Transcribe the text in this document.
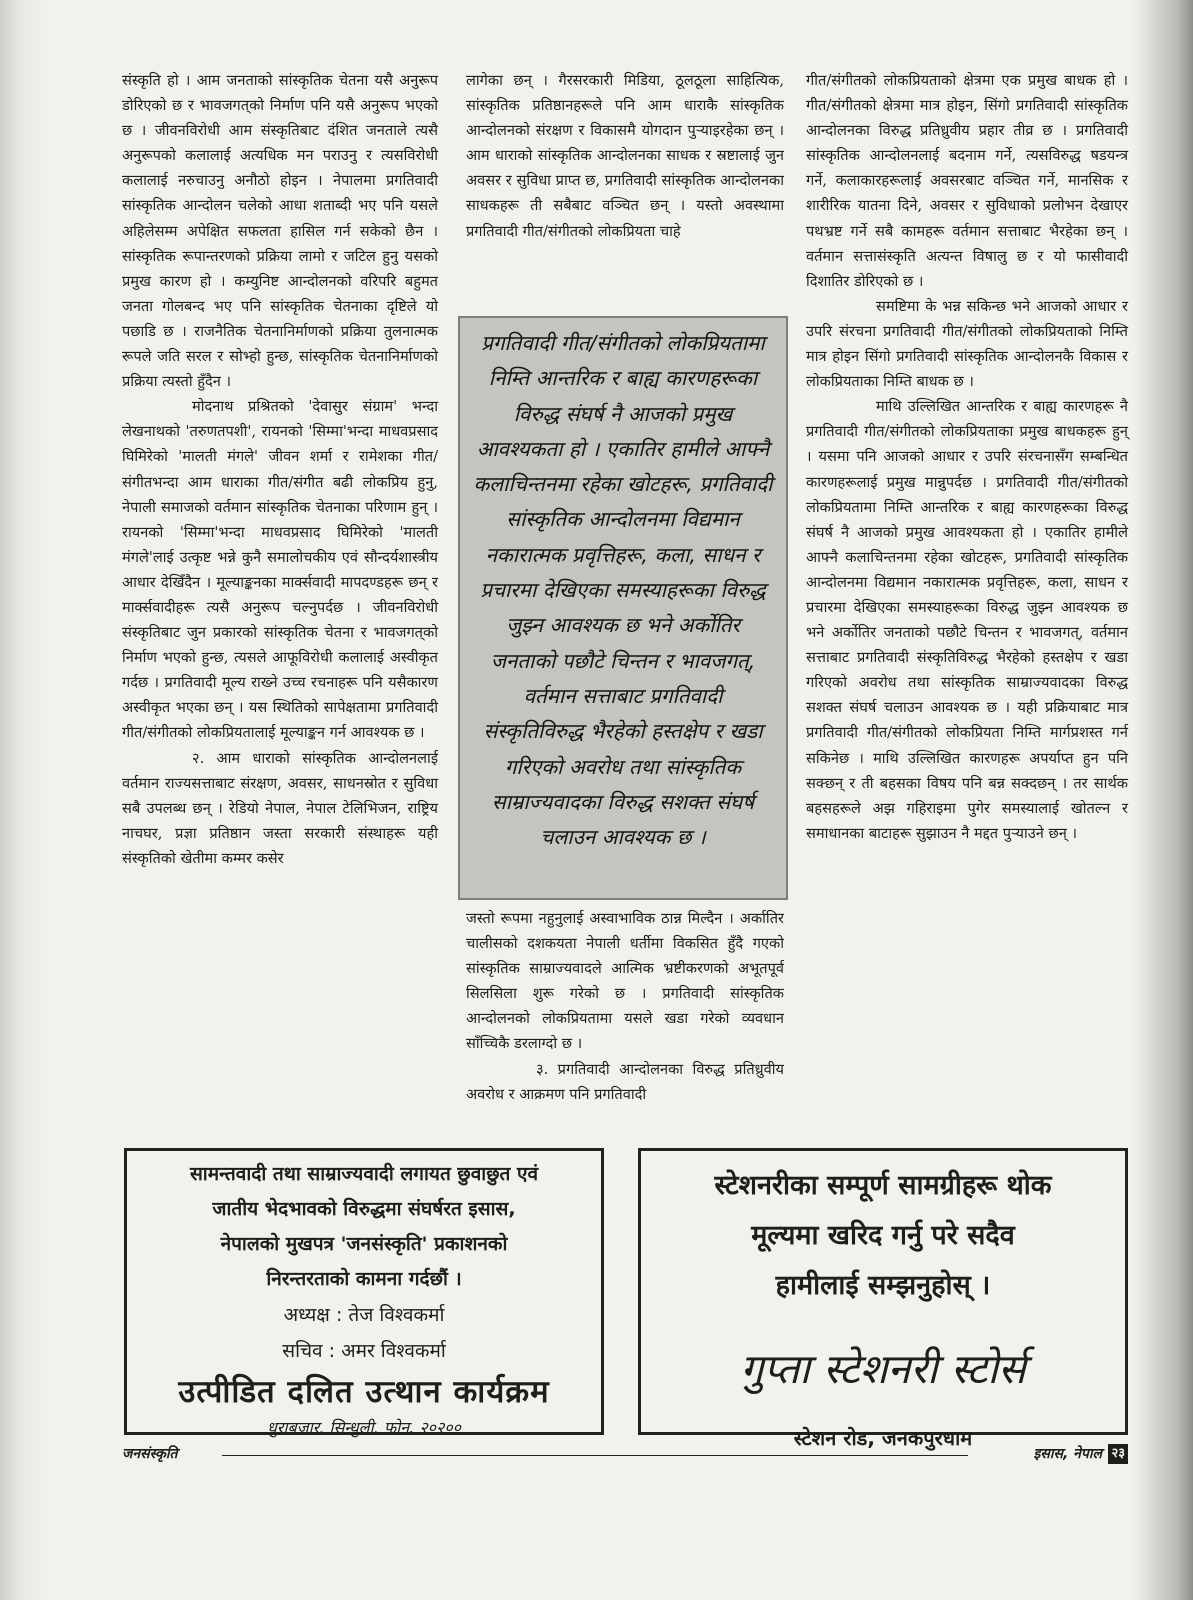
संस्कृति हो । आम जनताको सांस्कृतिक चेतना यसै अनुरूप डोरिएको छ र भावजगत्‌को निर्माण पनि यसै अनुरूप भएको छ । जीवनविरोधी आम संस्कृतिबाट दंशित जनताले त्यसै अनुरूपको कलालाई अत्यधिक मन पराउनु र त्यसविरोधी कलालाई नरुचाउनु अनौठो होइन । नेपालमा प्रगतिवादी सांस्कृतिक आन्दोलन चलेको आधा शताब्दी भए पनि यसले अहिलेसम्म अपेक्षित सफलता हासिल गर्न सकेको छैन । सांस्कृतिक रूपान्तरणको प्रक्रिया लामो र जटिल हुनु यसको प्रमुख कारण हो । कम्युनिष्ट आन्दोलनको वरिपरि बहुमत जनता गोलबन्द भए पनि सांस्कृतिक चेतनाका दृष्टिले यो पछाडि छ । राजनैतिक चेतनानिर्माणको प्रक्रिया तुलनात्मक रूपले जति सरल र सोभ्हो हुन्छ, सांस्कृतिक चेतनानिर्माणको प्रक्रिया त्यस्तो हुँदैन ।

मोदनाथ प्रश्रितको 'देवासुर संग्राम' भन्दा लेखनाथको 'तरुणतपशी', रायनको 'सिम्मा'भन्दा माधवप्रसाद घिमिरेको 'मालती मंगले' जीवन शर्मा र रामेशका गीत/संगीतभन्दा आम धाराका गीत/संगीत बढी लोकप्रिय हुनु, नेपाली समाजको वर्तमान सांस्कृतिक चेतनाका परिणाम हुन् । रायनको 'सिम्मा'भन्दा माधवप्रसाद घिमिरेको 'मालती मंगले'लाई उत्कृष्ट भन्ने कुनै समालोचकीय एवं सौन्दर्यशास्त्रीय आधार देखिँदैन । मूल्याङ्कनका मार्क्सवादी मापदण्डहरू छन् र मार्क्सवादीहरू त्यसै अनुरूप चल्नुपर्दछ । जीवनविरोधी संस्कृतिबाट जुन प्रकारको सांस्कृतिक चेतना र भावजगत्‌को निर्माण भएको हुन्छ, त्यसले आफूविरोधी कलालाई अस्वीकृत गर्दछ । प्रगतिवादी मूल्य राख्ने उच्च रचनाहरू पनि यसैकारण अस्वीकृत भएका छन् । यस स्थितिको सापेक्षतामा प्रगतिवादी गीत/संगीतको लोकप्रियतालाई मूल्याङ्कन गर्न आवश्यक छ ।

२. आम धाराको सांस्कृतिक आन्दोलनलाई वर्तमान राज्यसत्ताबाट संरक्षण, अवसर, साधनस्रोत र सुविधा सबै उपलब्ध छन् । रेडियो नेपाल, नेपाल टेलिभिजन, राष्ट्रिय नाचघर, प्रज्ञा प्रतिष्ठान जस्ता सरकारी संस्थाहरू यही संस्कृतिको खेतीमा कम्मर कसेर

लागेका छन् । गैरसरकारी मिडिया, ठूलठूला साहित्यिक, सांस्कृतिक प्रतिष्ठानहरूले पनि आम धाराकै सांस्कृतिक आन्दोलनको संरक्षण र विकासमै योगदान पुऱ्याइरहेका छन् । आम धाराको सांस्कृतिक आन्दोलनका साधक र स्रष्टालाई जुन अवसर र सुविधा प्राप्त छ, प्रगतिवादी सांस्कृतिक आन्दोलनका साधकहरू ती सबैबाट वञ्चित छन् । यस्तो अवस्थामा प्रगतिवादी गीत/संगीतको लोकप्रियता चाहे
प्रगतिवादी गीत/संगीतको लोकप्रियतामा निम्ति आन्तरिक र बाह्य कारणहरूका विरुद्ध संघर्ष नै आजको प्रमुख आवश्यकता हो । एकातिर हामीले आफ्नै कलाचिन्तनमा रहेका खोटहरू, प्रगतिवादी सांस्कृतिक आन्दोलनमा विद्यमान नकारात्मक प्रवृत्तिहरू, कला, साधन र प्रचारमा देखिएका समस्याहरूका विरुद्ध जुझ्न आवश्यक छ भने अर्कोतिर जनताको पछौटे चिन्तन र भावजगत्, वर्तमान सत्ताबाट प्रगतिवादी संस्कृतिविरुद्ध भैरहेको हस्तक्षेप र खडा गरिएको अवरोध तथा सांस्कृतिक साम्राज्यवादका विरुद्ध सशक्त संघर्ष चलाउन आवश्यक छ ।

जस्तो रूपमा नहुनुलाई अस्वाभाविक ठान्न मिल्दैन । अर्कातिर चालीसको दशकयता नेपाली धर्तीमा विकसित हुँदै गएको सांस्कृतिक साम्राज्यवादले आत्मिक भ्रष्टीकरणको अभूतपूर्व सिलसिला शुरू गरेको छ । प्रगतिवादी सांस्कृतिक आन्दोलनको लोकप्रियतामा यसले खडा गरेको व्यवधान साँच्चिकै डरलाग्दो छ ।

३. प्रगतिवादी आन्दोलनका विरुद्ध प्रतिध्रुवीय अवरोध र आक्रमण पनि प्रगतिवादी

गीत/संगीतको लोकप्रियताको क्षेत्रमा एक प्रमुख बाधक हो । गीत/संगीतको क्षेत्रमा मात्र होइन, सिंगो प्रगतिवादी सांस्कृतिक आन्दोलनका विरुद्ध प्रतिध्रुवीय प्रहार तीव्र छ । प्रगतिवादी सांस्कृतिक आन्दोलनलाई बदनाम गर्ने, त्यसविरुद्ध षडयन्त्र गर्ने, कलाकारहरूलाई अवसरबाट वञ्चित गर्ने, मानसिक र शारीरिक यातना दिने, अवसर र सुविधाको प्रलोभन देखाएर पथभ्रष्ट गर्ने सबै कामहरू वर्तमान सत्ताबाट भैरहेका छन् । वर्तमान सत्तासंस्कृति अत्यन्त विषालु छ र यो फासीवादी दिशातिर डोरिएको छ ।

समष्टिमा के भन्न सकिन्छ भने आजको आधार र उपरि संरचना प्रगतिवादी गीत/संगीतको लोकप्रियताको निम्ति मात्र होइन सिंगो प्रगतिवादी सांस्कृतिक आन्दोलनकै विकास र लोकप्रियताका निम्ति बाधक छ ।

माथि उल्लिखित आन्तरिक र बाह्य कारणहरू नै प्रगतिवादी गीत/संगीतको लोकप्रियताका प्रमुख बाधकहरू हुन् । यसमा पनि आजको आधार र उपरि संरचनासँग सम्बन्धित कारणहरूलाई प्रमुख मान्नुपर्दछ । प्रगतिवादी गीत/संगीतको लोकप्रियतामा निम्ति आन्तरिक र बाह्य कारणहरूका विरुद्ध संघर्ष नै आजको प्रमुख आवश्यकता हो । एकातिर हामीले आफ्नै कलाचिन्तनमा रहेका खोटहरू, प्रगतिवादी सांस्कृतिक आन्दोलनमा विद्यमान नकारात्मक प्रवृत्तिहरू, कला, साधन र प्रचारमा देखिएका समस्याहरूका विरुद्ध जुझ्न आवश्यक छ भने अर्कोतिर जनताको पछौटे चिन्तन र भावजगत्, वर्तमान सत्ताबाट प्रगतिवादी संस्कृतिविरुद्ध भैरहेको हस्तक्षेप र खडा गरिएको अवरोध तथा सांस्कृतिक साम्राज्यवादका विरुद्ध सशक्त संघर्ष चलाउन आवश्यक छ । यही प्रक्रियाबाट मात्र प्रगतिवादी गीत/संगीतको लोकप्रियता निम्ति मार्गप्रशस्त गर्न सकिनेछ । माथि उल्लिखित कारणहरू अपर्याप्त हुन पनि सक्छन् र ती बहसका विषय पनि बन्न सक्दछन् । तर सार्थक बहसहरूले अझ गहिराइमा पुगेर समस्यालाई खोतल्न र समाधानका बाटाहरू सुझाउन नै मद्दत पुऱ्याउने छन् ।

सामन्तवादी तथा साम्राज्यवादी लगायत छुवाछुत एवं
जातीय भेदभावको विरुद्धमा संघर्षरत इसास,
नेपालको मुखपत्र 'जनसंस्कृति' प्रकाशनको
निरन्तरताको कामना गर्दछौं ।
अध्यक्ष : तेज विश्वकर्मा
सचिव : अमर विश्वकर्मा
उत्पीडित दलित उत्थान कार्यक्रम
धुराबजार, सिन्धुली, फोन. २०२००
स्टेशनरीका सम्पूर्ण सामग्रीहरू थोक
मूल्यमा खरिद गर्नु परे सदैव
हामीलाई सम्झनुहोस् ।
गुप्ता स्टेशनरी स्टोर्स
स्टेशन रोड, जनकपुरधाम
जनसंस्कृति	इसास, नेपाल २३
